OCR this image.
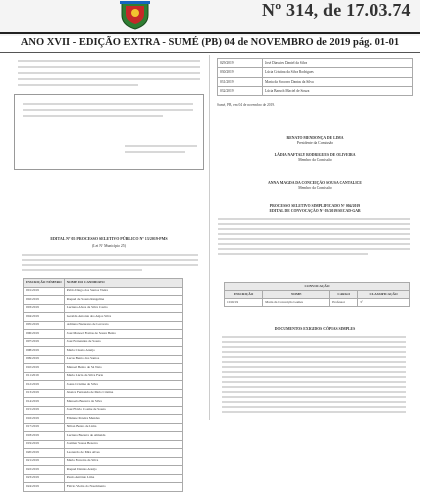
Nº 314, de 17.03.74
ANO XVII - EDIÇÃO EXTRA - SUMÉ (PB) 04 de NOVEMBRO de 2019 pág. 01-01
EDITAL Nº 05 PROCESSO SELETIVO PÚBLICO Nº 13/2019-PMS
(Lei Nº Município 25)
INSCRIÇÃO NÚMERO	NOME DO CANDIDATO
001/2019	Pablo Diego dos Santos Vieira
002/2019	Raquel de Souza Rangelina
003/2019	Luciana Alves da Silva Castro
004/2019	Geralda Antonia dos Anjos Silva
005/2019	Adriana Nazareno de Lavorato
006/2019	José Manoel Freitas de Souza Bento
007/2019	José Fernandes de Souza
008/2019	Maria Cássio Araújo
009/2019	Lucas Bento dos Santos
010/2019	Manoel Bento de Sá Neto
011/2019	Maria Lúcia da Silva Faria
012/2019	Joana Cristina da Silva
013/2019	Jéssica Fernanda de Melo Cristina
014/2019	Manoela Bezerra da Silva
015/2019	José Flávio Cosme de Souza
016/2019	Elisiane Pereira Mendes
017/2019	Nilton Bento de Lima
018/2019	Luciana Bezerra de Almeida
019/2019	Josimar Sousa Bezerra
020/2019	Leonardo de Mira Alves
021/2019	Maria Ferreira da Silva
022/2019	Raquel Dantas Araújo
023/2019	Paulo Antônio Lima
024/2019	Flávio Vieira do Nascimento
029/2019	José Diassies Daniel da Silva
030/2019	Lúcia Cristina da Silva Rodrigues
031/2019	Maria da Socorro Dantas da Silva
032/2019	Lúcia Baruch Maciel de Souza
Sumé, PB, em 04 de novembro de 2019.
RENATO MENDONÇA DE LIMA
Presidente da Comissão
LÁDIA NAFTALY RODRIGUES DE OLIVEIRA
Membro da Comissão
ANNA MAGDA DA CONCEIÇÃO SOUSA CANTALICE
Membro da Comissão
PROCESSO SELETIVO SIMPLIFICADO Nº 004/2019
EDITAL DE CONVOCAÇÃO Nº 03/2019/SECAD-GAB
CONVOCAÇÃO			
INSCRIÇÃO	NOME	CARGO	CLASSIFICAÇÃO
1016/19	Maria da Conceição Gomes	Professor	3º
DOCUMENTOS EXIGIDOS CÓPIAS SIMPLES
